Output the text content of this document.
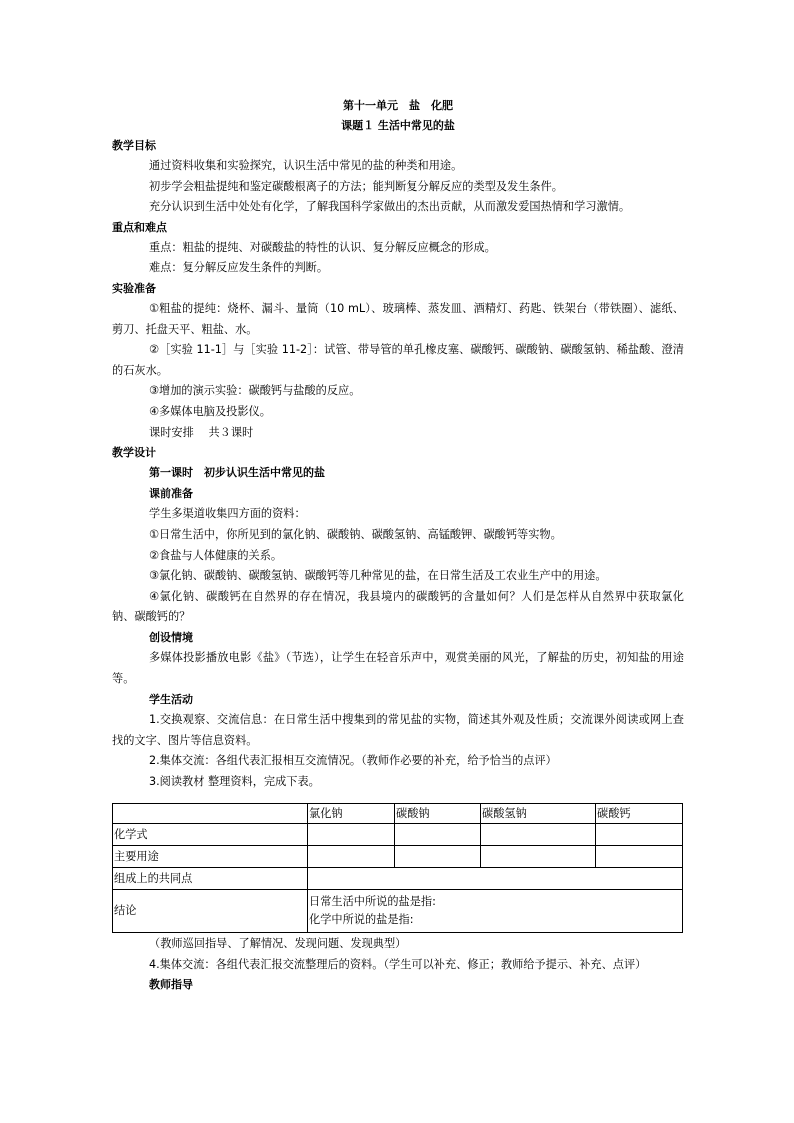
第十一单元　盐　化肥
课题１ 生活中常见的盐
教学目标
通过资料收集和实验探究，认识生活中常见的盐的种类和用途。
初步学会粗盐提纯和鉴定碳酸根离子的方法；能判断复分解反应的类型及发生条件。
充分认识到生活中处处有化学，了解我国科学家做出的杰出贡献，从而激发爱国热情和学习激情。
重点和难点
重点：粗盐的提纯、对碳酸盐的特性的认识、复分解反应概念的形成。
难点：复分解反应发生条件的判断。
实验准备
①粗盐的提纯：烧杯、漏斗、量筒（10 mL）、玻璃棒、蒸发皿、酒精灯、药匙、铁架台（带铁圈）、滤纸、剪刀、托盘天平、粗盐、水。
②［实验 11-1］与［实验 11-2］：试管、带导管的单孔橡皮塞、碳酸钙、碳酸钠、碳酸氢钠、稀盐酸、澄清的石灰水。
③增加的演示实验：碳酸钙与盐酸的反应。
④多媒体电脑及投影仪。
课时安排　 共３课时
教学设计
第一课时　初步认识生活中常见的盐
课前准备
学生多渠道收集四方面的资料：
①日常生活中，你所见到的氯化钠、碳酸钠、碳酸氢钠、高锰酸钾、碳酸钙等实物。
②食盐与人体健康的关系。
③氯化钠、碳酸钠、碳酸氢钠、碳酸钙等几种常见的盐，在日常生活及工农业生产中的用途。
④氯化钠、碳酸钙在自然界的存在情况，我县境内的碳酸钙的含量如何？人们是怎样从自然界中获取氯化钠、碳酸钙的？
创设情境
多媒体投影播放电影《盐》（节选），让学生在轻音乐声中，观赏美丽的风光，了解盐的历史，初知盐的用途等。
学生活动
1.交换观察、交流信息：在日常生活中搜集到的常见盐的实物，简述其外观及性质；交流课外阅读或网上查找的文字、图片等信息资料。
2.集体交流：各组代表汇报相互交流情况。（教师作必要的补充，给予恰当的点评）
3.阅读教材 整理资料，完成下表。
	氯化钠	碳酸钠	碳酸氢钠	碳酸钙
化学式				
主要用途				
组成上的共同点				
结论	日常生活中所说的盐是指:
化学中所说的盐是指:			
（教师巡回指导、了解情况、发现问题、发现典型）
4.集体交流：各组代表汇报交流整理后的资料。（学生可以补充、修正；教师给予提示、补充、点评）
教师指导
